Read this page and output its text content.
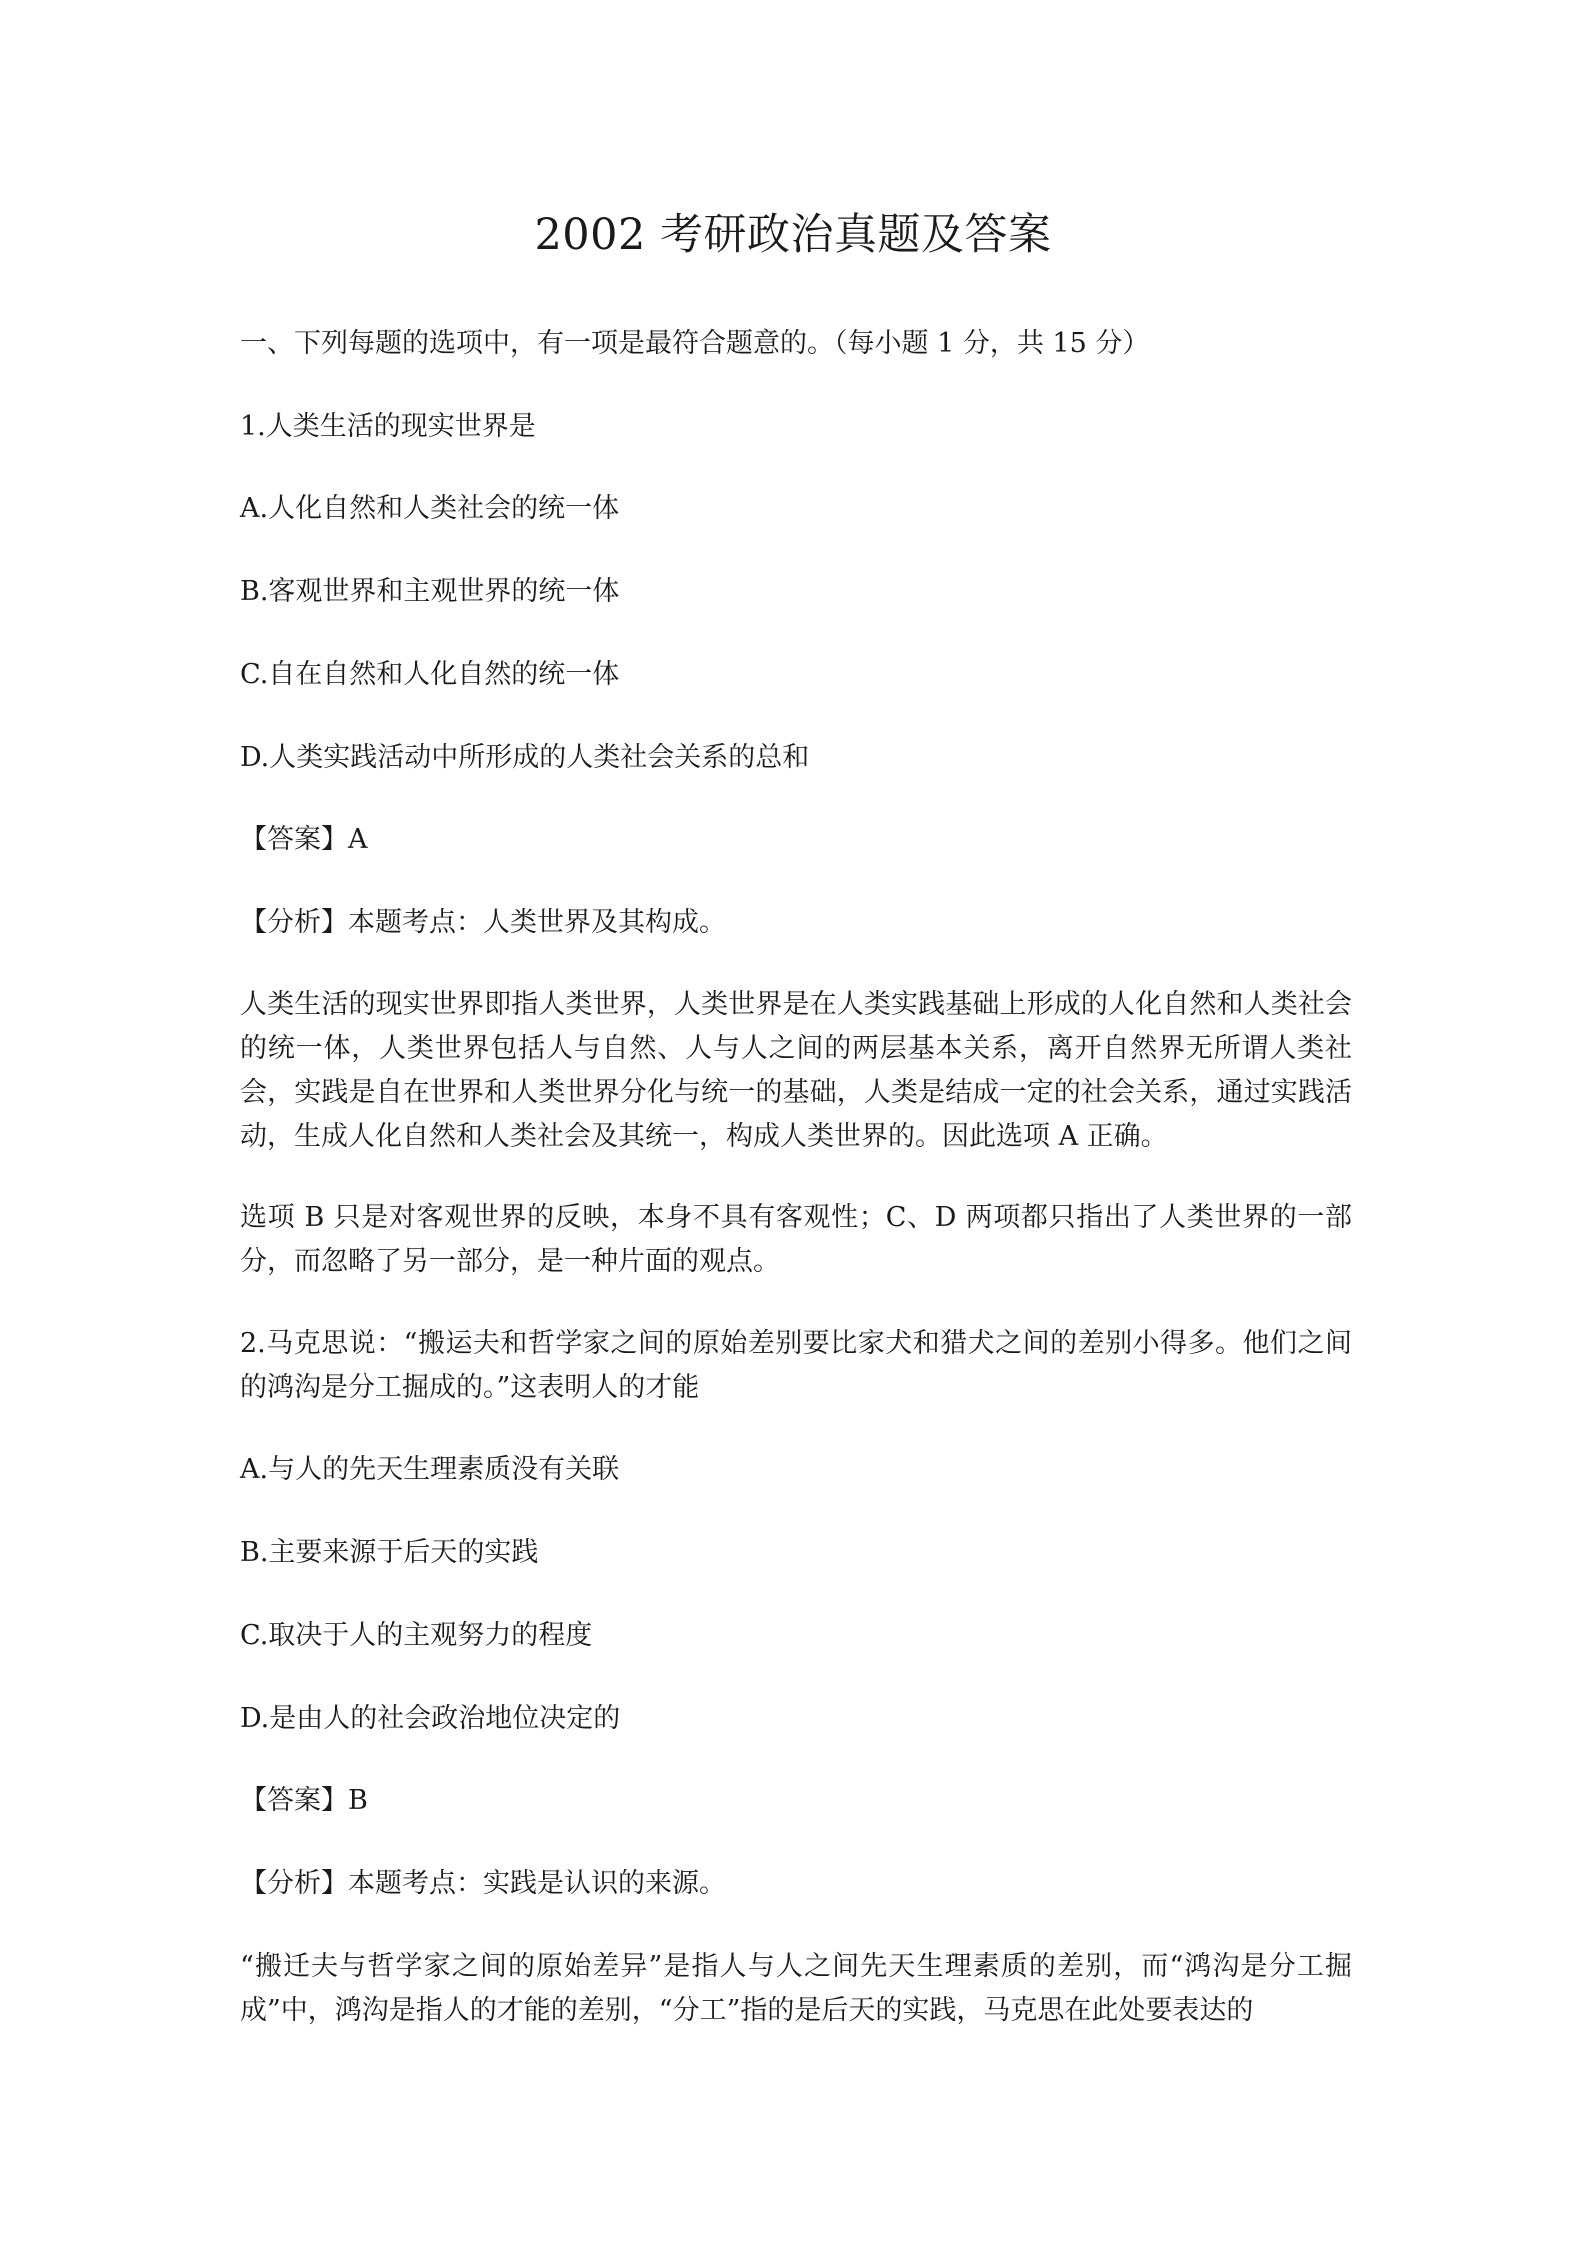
2002 考研政治真题及答案

一、下列每题的选项中，有一项是最符合题意的。（每小题 1 分，共 15 分）

1.人类生活的现实世界是

A.人化自然和人类社会的统一体

B.客观世界和主观世界的统一体

C.自在自然和人化自然的统一体

D.人类实践活动中所形成的人类社会关系的总和

【答案】A

【分析】本题考点：人类世界及其构成。

人类生活的现实世界即指人类世界，人类世界是在人类实践基础上形成的人化自然和人类社会的统一体，人类世界包括人与自然、人与人之间的两层基本关系，离开自然界无所谓人类社会，实践是自在世界和人类世界分化与统一的基础，人类是结成一定的社会关系，通过实践活动，生成人化自然和人类社会及其统一，构成人类世界的。因此选项 A 正确。

选项 B 只是对客观世界的反映，本身不具有客观性；C、D 两项都只指出了人类世界的一部分，而忽略了另一部分，是一种片面的观点。

2.马克思说：“搬运夫和哲学家之间的原始差别要比家犬和猎犬之间的差别小得多。他们之间的鸿沟是分工掘成的。”这表明人的才能

A.与人的先天生理素质没有关联

B.主要来源于后天的实践

C.取决于人的主观努力的程度

D.是由人的社会政治地位决定的

【答案】B

【分析】本题考点：实践是认识的来源。

“搬迁夫与哲学家之间的原始差异”是指人与人之间先天生理素质的差别，而“鸿沟是分工掘成”中，鸿沟是指人的才能的差别，“分工”指的是后天的实践，马克思在此处要表达的
